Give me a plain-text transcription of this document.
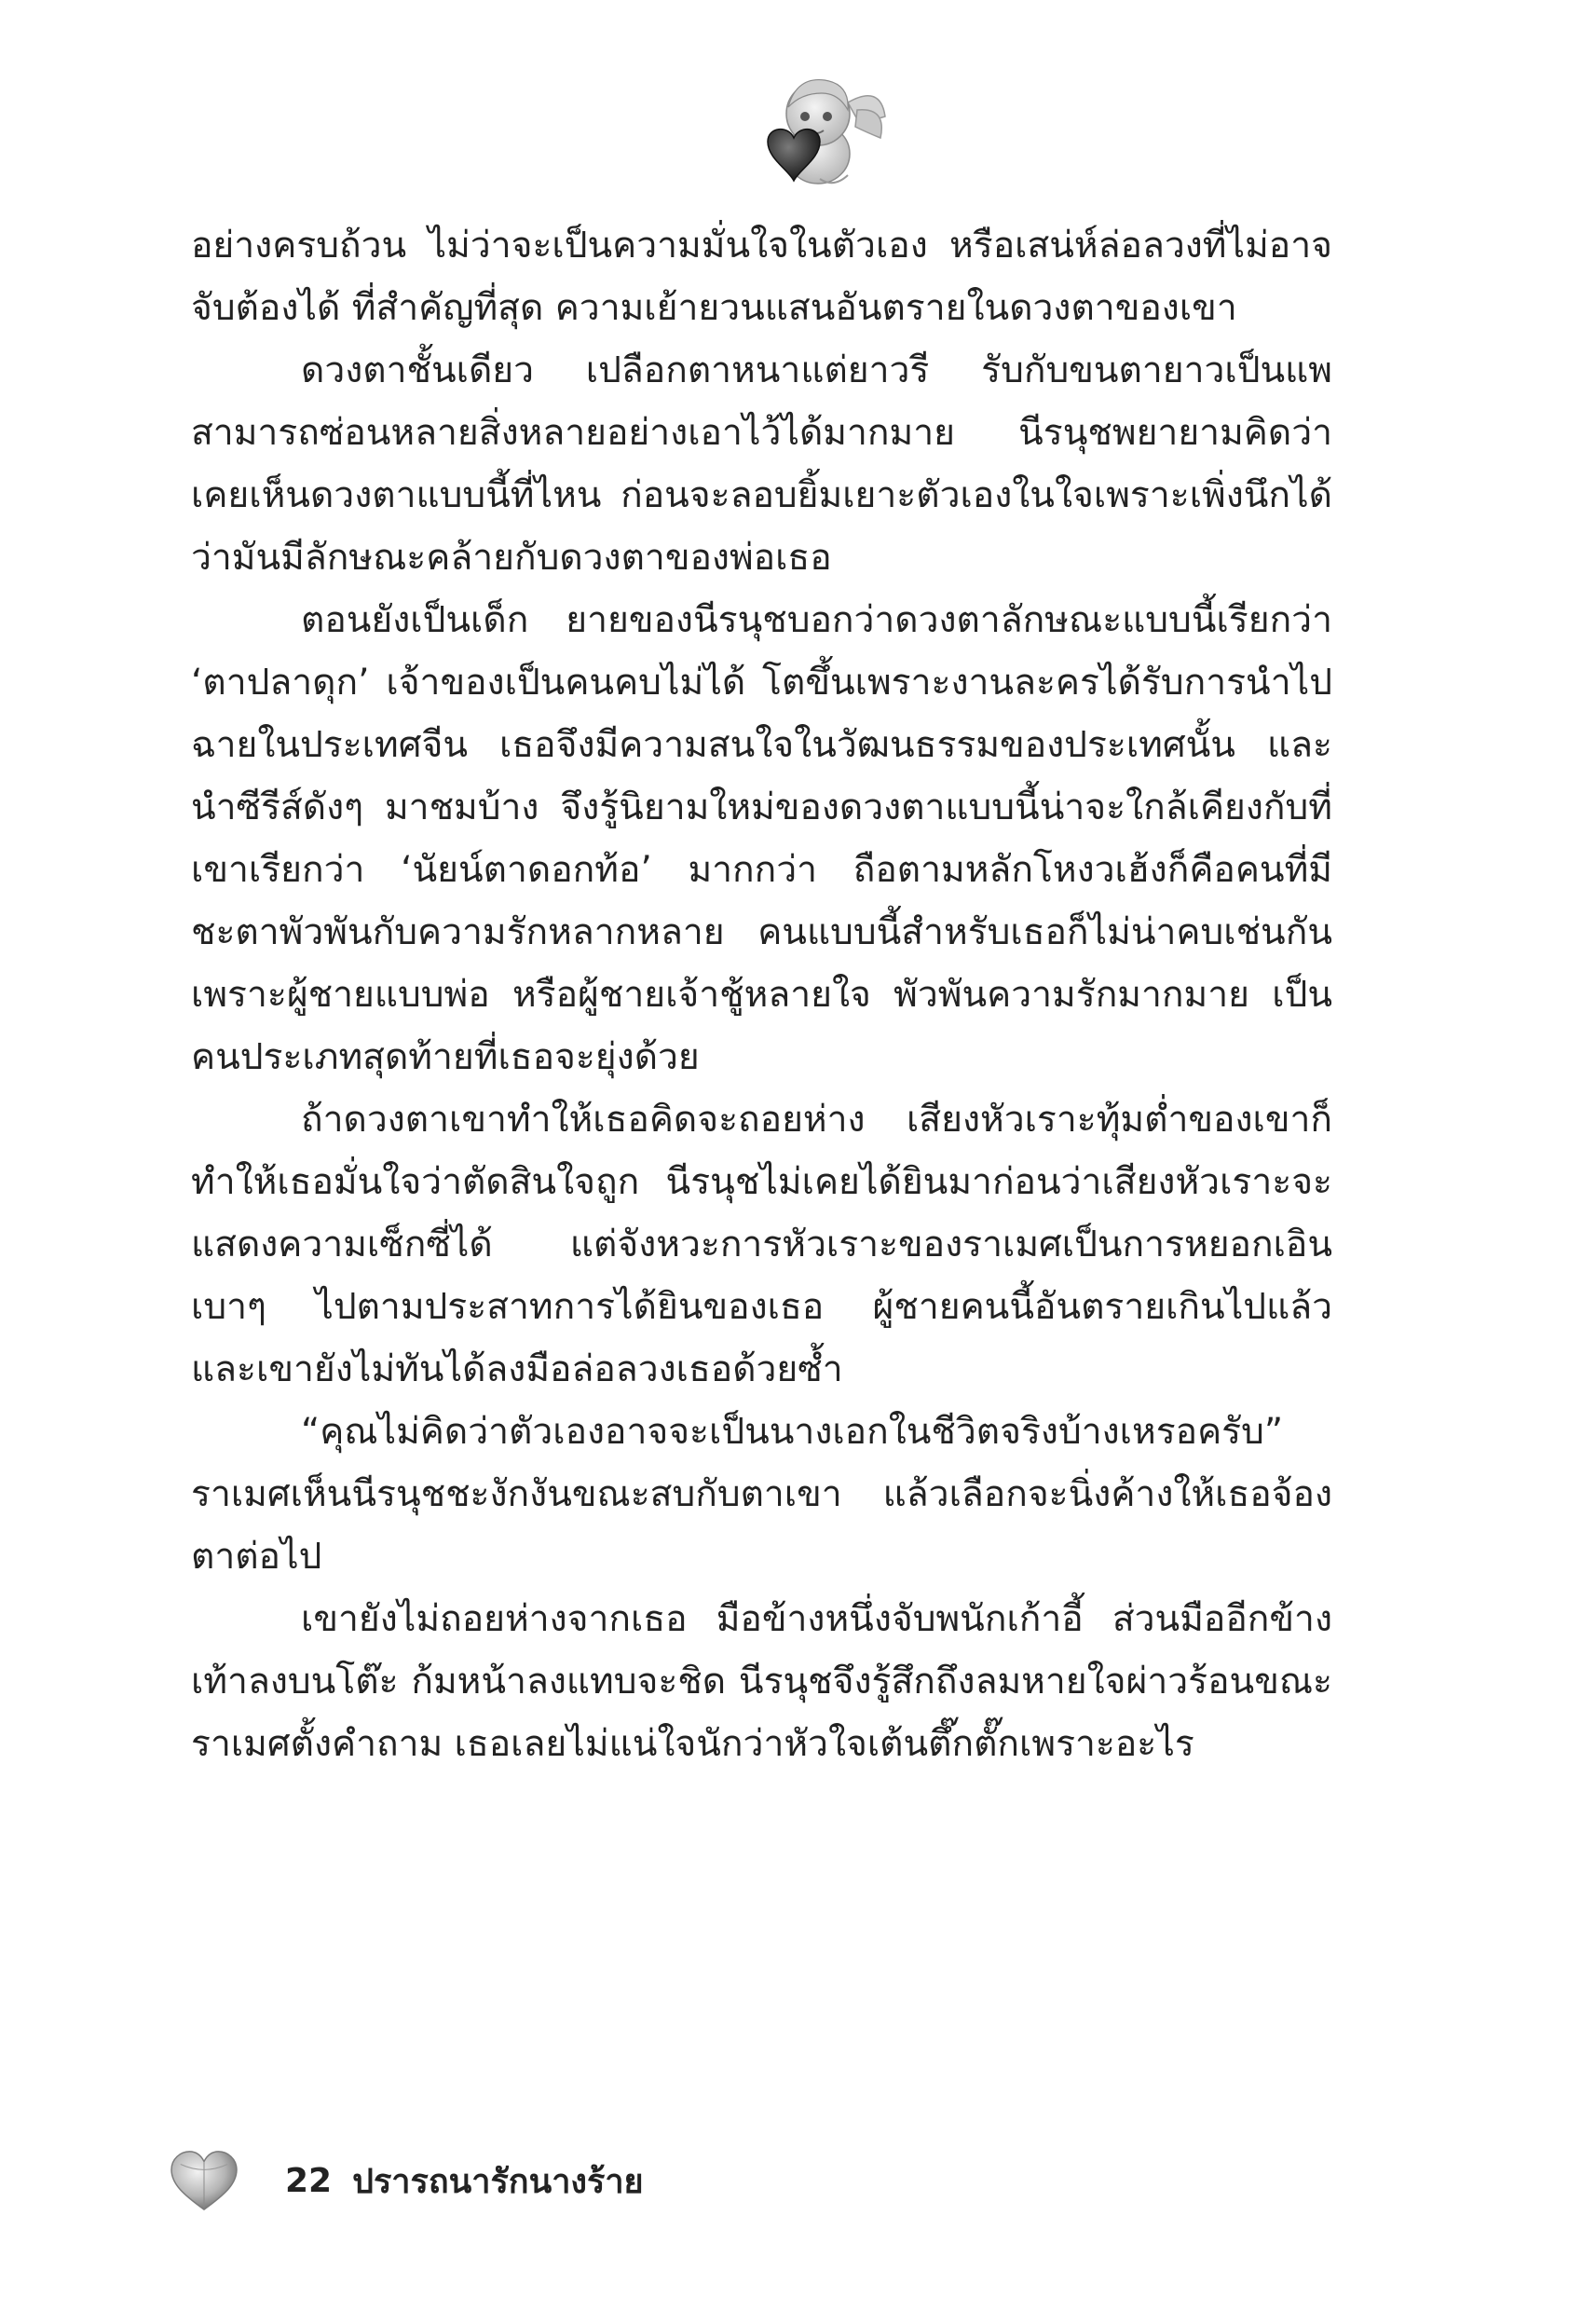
อย่างครบถ้วน ไม่ว่าจะเป็นความมั่นใจในตัวเอง หรือเสน่ห์ล่อลวงที่ไม่อาจจับต้องได้ ที่สำคัญที่สุด ความเย้ายวนแสนอันตรายในดวงตาของเขา

ดวงตาชั้นเดียว เปลือกตาหนาแต่ยาวรี รับกับขนตายาวเป็นแพ สามารถซ่อนหลายสิ่งหลายอย่างเอาไว้ได้มากมาย นีรนุชพยายามคิดว่าเคยเห็นดวงตาแบบนี้ที่ไหน ก่อนจะลอบยิ้มเยาะตัวเองในใจเพราะเพิ่งนึกได้ว่ามันมีลักษณะคล้ายกับดวงตาของพ่อเธอ

ตอนยังเป็นเด็ก ยายของนีรนุชบอกว่าดวงตาลักษณะแบบนี้เรียกว่า ‘ตาปลาดุก’ เจ้าของเป็นคนคบไม่ได้ โตขึ้นเพราะงานละครได้รับการนำไปฉายในประเทศจีน เธอจึงมีความสนใจในวัฒนธรรมของประเทศนั้น และนำซีรีส์ดังๆ มาชมบ้าง จึงรู้นิยามใหม่ของดวงตาแบบนี้น่าจะใกล้เคียงกับที่เขาเรียกว่า ‘นัยน์ตาดอกท้อ’ มากกว่า ถือตามหลักโหงวเฮ้งก็คือคนที่มีชะตาพัวพันกับความรักหลากหลาย คนแบบนี้สำหรับเธอก็ไม่น่าคบเช่นกัน เพราะผู้ชายแบบพ่อ หรือผู้ชายเจ้าชู้หลายใจ พัวพันความรักมากมาย เป็นคนประเภทสุดท้ายที่เธอจะยุ่งด้วย

ถ้าดวงตาเขาทำให้เธอคิดจะถอยห่าง เสียงหัวเราะทุ้มต่ำของเขาก็ทำให้เธอมั่นใจว่าตัดสินใจถูก นีรนุชไม่เคยได้ยินมาก่อนว่าเสียงหัวเราะจะแสดงความเซ็กซี่ได้ แต่จังหวะการหัวเราะของราเมศเป็นการหยอกเอินเบาๆ ไปตามประสาทการได้ยินของเธอ ผู้ชายคนนี้อันตรายเกินไปแล้ว และเขายังไม่ทันได้ลงมือล่อลวงเธอด้วยซ้ำ

“คุณไม่คิดว่าตัวเองอาจจะเป็นนางเอกในชีวิตจริงบ้างเหรอครับ” ราเมศเห็นนีรนุชชะงักงันขณะสบกับตาเขา แล้วเลือกจะนิ่งค้างให้เธอจ้องตาต่อไป

เขายังไม่ถอยห่างจากเธอ มือข้างหนึ่งจับพนักเก้าอี้ ส่วนมืออีกข้างเท้าลงบนโต๊ะ ก้มหน้าลงแทบจะชิด นีรนุชจึงรู้สึกถึงลมหายใจผ่าวร้อนขณะราเมศตั้งคำถาม เธอเลยไม่แน่ใจนักว่าหัวใจเต้นตึ๊กตั๊กเพราะอะไร

22 ปรารถนารักนางร้าย
